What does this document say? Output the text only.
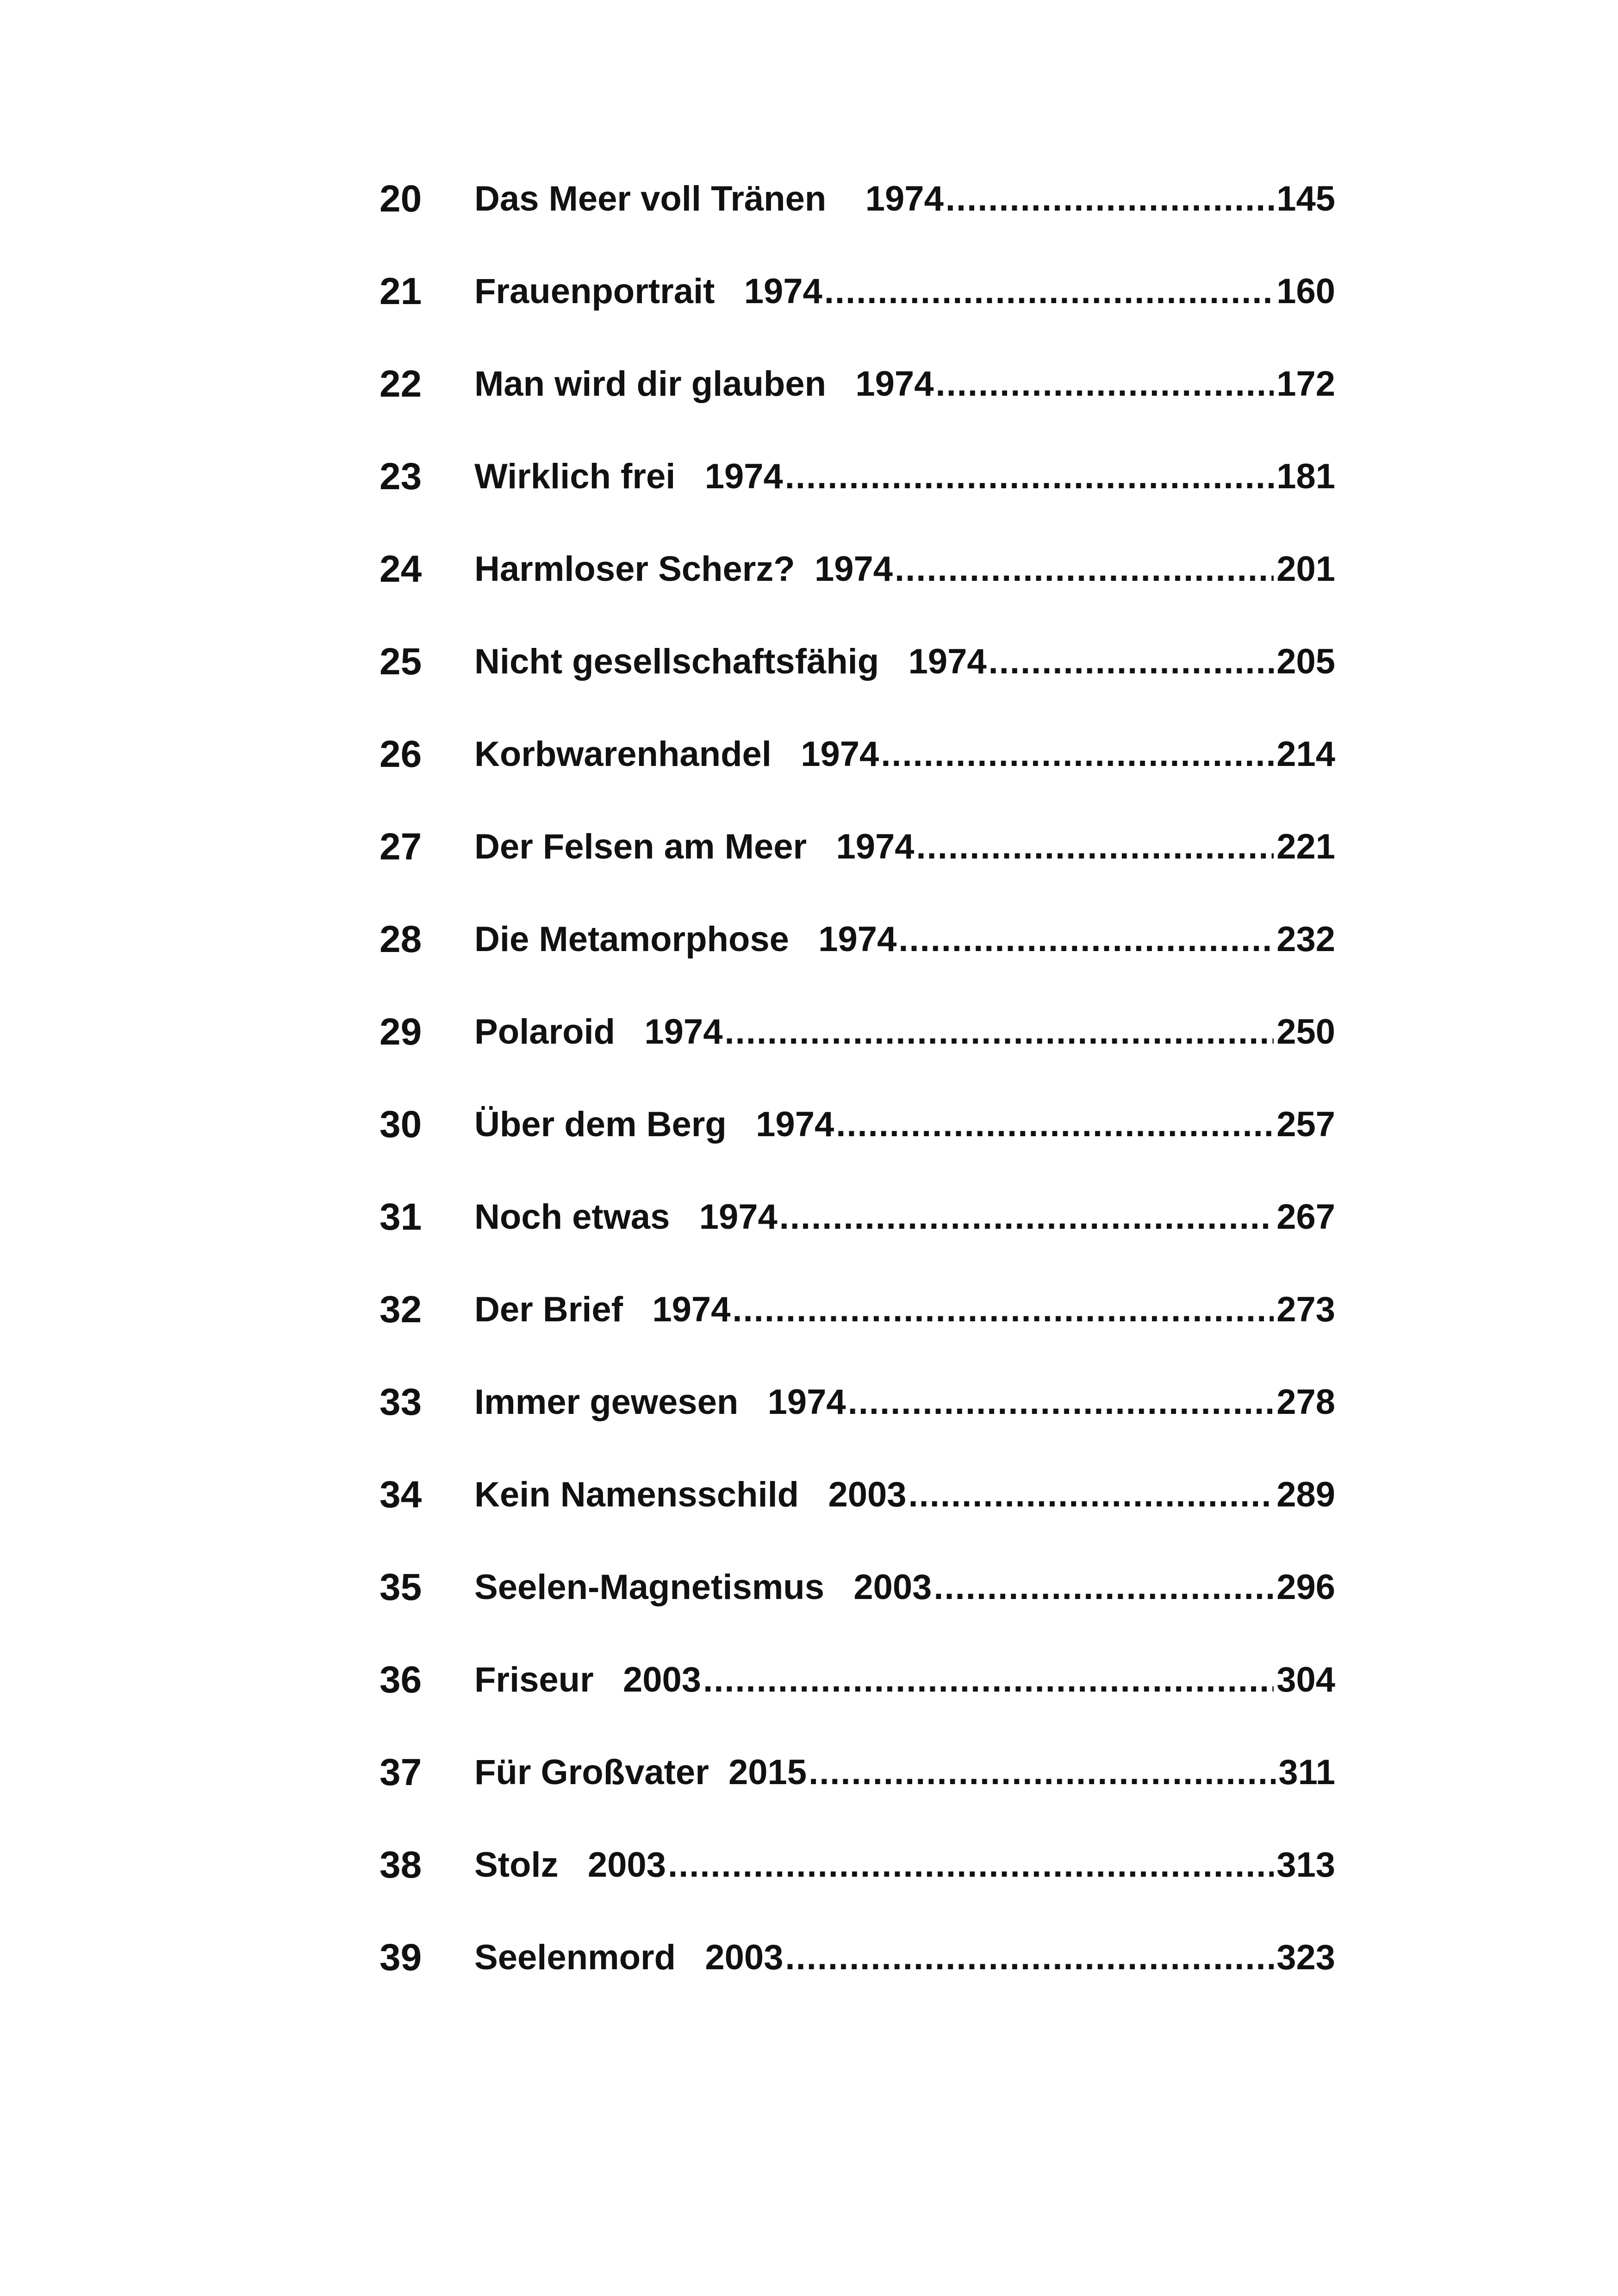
20	Das Meer voll Tränen 1974 .....	145
21	Frauenportrait 1974 .....	160
22	Man wird dir glauben 1974 .....	172
23	Wirklich frei 1974 .....	181
24	Harmloser Scherz? 1974 .....	201
25	Nicht gesellschaftsfähig 1974 .....	205
26	Korbwarenhandel 1974 .....	214
27	Der Felsen am Meer 1974 .....	221
28	Die Metamorphose 1974 .....	232
29	Polaroid 1974 .....	250
30	Über dem Berg 1974 .....	257
31	Noch etwas 1974 .....	267
32	Der Brief 1974 .....	273
33	Immer gewesen 1974 .....	278
34	Kein Namensschild 2003 .....	289
35	Seelen-Magnetismus 2003 .....	296
36	Friseur 2003 .....	304
37	Für Großvater 2015 .....	311
38	Stolz 2003 .....	313
39	Seelenmord 2003 .....	323
